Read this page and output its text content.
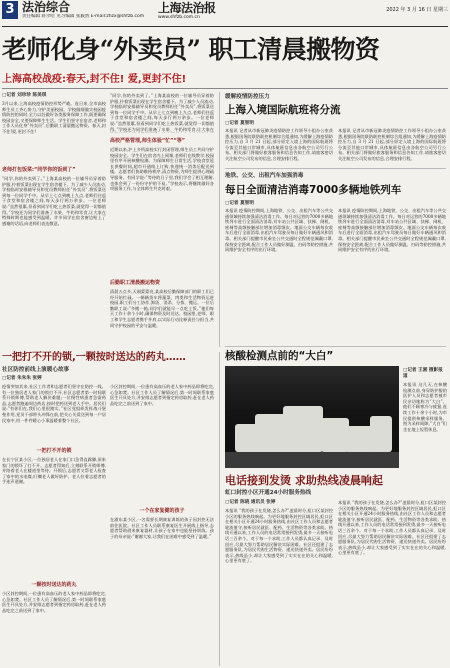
3 法治综合
责任编辑 蒋尔哈 见习编辑 张毅然 E-mail:zhzx@shfzb.com
上海法治报
www.shfzb.com.cn
2022 年 3 月 16 日 星期三
老师化身“外卖员” 职工清晨搬物资
上海高校战疫:春天,封不住! 爱,更封不住!
□记者 刘珍珍 陈美琪
3月以来,上海高校疫情防控形势严峻。连日来,全市高校师生员工齐心协力,守护美丽校园。学校做细做实校园疫情防控的同时,全力以赴做好各类服务保障工作,既要确保校园安全,又要保障师生生活。学生们坚守在宿舍,老师和工作人员化身“外卖员”,后勤职工清晨搬运物资。春天,封不住!爱,更封不住!
老师打包饭菜:“同学你的饭到了”
“同学,你的外卖到了。”上海某高校的一位辅导员穿着防护服,拎着饭菜出现在学生宿舍楼下。为了减少人员流动,学校临时安排辅导员和党员教师担任“外卖员”,将饭菜送到每一位同学手中。从早上七点到晚上九点,老师们往返于食堂和宿舍楼之间,每天步行两万余步。一位老师说:“虽然很累,但看到同学们吃上热饭菜,就觉得一切都值得。”学校还为同学们准备了水果、牛奶和零食,让大家在特殊时期也能感受到温暖。许多同学在宿舍窗边贴上了感谢的话语,向老师们表达敬意。
“同学,你的外卖到了。”上海某高校的一位辅导员穿着防护服,拎着饭菜出现在学生宿舍楼下。为了减少人员流动,学校临时安排辅导员和党员教师担任“外卖员”,将饭菜送到每一位同学手中。从早上七点到晚上九点,老师们往返于食堂和宿舍楼之间,每天步行两万余步。一位老师说:“虽然很累,但看到同学们吃上热饭菜,就觉得一切都值得。”学校还为同学们准备了水果、牛奶和零食,让大家在
高校严格管理,师生体验“忙”“等”
近期以来,沪上多所高校实行封闭管理,师生员工共同守护校园安全。学生们在宿舍内上网课,老师们在线教学,校园里有序开展核酸检测。为保障师生日常生活,学校食堂延长供餐时间,超市开通线上订购,快递统一消杀后配送到楼。志愿者们协助维持秩序,清点物资,为师生提供心理疏导服务。有同学说:“等待的日子里,我们学会了相互理解,也体会到了一份份守护的不易。”学校表示,将继续做好各项服务工作,与全体师生共克时艰。
后勤职工清晨搬运物资
清晨五点多,天刚蒙蒙亮,某高校后勤保障部门的职工们已经开始忙碌。一辆辆货车将蔬菜、肉类和生活物资运进校园,职工们分工协作,卸货、消杀、分拣、搬运。一位后勤职工说:“多搬一箱,同学们就能早一点吃上饭。”他们每天工作十余个小时,确保物资及时送达。校园里,老师、职工和学生志愿者携手并肩,以实际行动诠释责任与担当,共同守护校园的平安与温暖。
缓解疫情防控压力
上海入境国际航班将分流
□记者 夏智明
本报讯 记者从市新冠肺炎疫情防控工作领导小组办公室获悉,根据国务院联防联控机制综合组通知,为缓解上海疫情防控压力,自 3 月 21 日起,部分原定入境上海的国际航班将分流至其他口岸城市,具体航班信息由各航空公司另行公布。相关部门将做好旅客服务和信息告知工作,请旅客密切关注航空公司发布的信息,合理安排行程。
本报讯 记者从市新冠肺炎疫情防控工作领导小组办公室获悉,根据国务院联防联控机制综合组通知,为缓解上海疫情防控压力,自 3 月 21 日起,部分原定入境上海的国际航班将分流至其他口岸城市,具体航班信息由各航空公司另行公布。相关部门将做好旅客服务和信息告知工作,请旅客密切关注航空公司发布的信息,合理安排行程。
地铁、公交、出租汽车加强消毒
每日全面清洁消毒7000多辆地铁列车
□记者 夏智明
本报讯 疫情防控期间,上海地铁、公交、出租汽车等公共交通领域持续加强清洁消毒工作。每日对运营的7000多辆地铁列车进行全面清洁消毒,对车站公共区域、扶梯、闸机、座椅等高频接触部位增加消毒频次。地面公交车辆每次收车后进行全面消毒,出租汽车驾驶员每日做好车辆通风和消毒。相关部门提醒市民乘坐公共交通时全程规范佩戴口罩,保持安全距离,配合工作人员做好测温、扫码等防控措施,共同维护安全有序的出行环境。
本报讯 疫情防控期间,上海地铁、公交、出租汽车等公共交通领域持续加强清洁消毒工作。每日对运营的7000多辆地铁列车进行全面清洁消毒,对车站公共区域、扶梯、闸机、座椅等高频接触部位增加消毒频次。地面公交车辆每次收车后进行全面消毒,出租汽车驾驶员每日做好车辆通风和消毒。相关部门提醒市民乘坐公共交通时全程规范佩戴口罩,保持安全距离,配合工作人员做好测温、扫码等防控措施,共同维护安全有序的出行环境。
核酸检测点前的“大白”
□记者 王湘 摄影报道
本报讯 这几天,在核酸检测点前,身穿防护服的医护人员和志愿者被市民亲切地称为“大白”。他们不顾寒冷与疲惫,连续工作十余个小时,为市民提供核酸采样服务。图为采样间隙,“大白”们坐在地上短暂休息。
一把打不开的锁,一颗按时送达的药丸……
社区防控前线上演暖心故事
□记者 朱朱朱 张婷
疫情突如其来,社区工作者和志愿者们坚守在防控一线。有一位独居老人家门的锁打不开,社区志愿者第一时间联系开锁师傅,帮助老人解决难题;一位慢性病患者急需药品,志愿者跑遍周边药店,按时把药送到老人手中。居民们说:“有你们在,我们心里很踏实。”社区党组织发挥战斗堡垒作用,党员干部带头冲锋在前,把关心关爱送到每一户居民家中,用一件件暖心小事温暖着整个社区。
一把打不开的锁
在长宁区某小区,一位独居老人在家门口急得直跺脚,原来家门的锁坏了打不开。志愿者得知后,立刻联系开锁师傅,并陪着老人在楼道里等待。开锁后,志愿者又帮老人检查了家中的水电煤,叮嘱老人做好防护。老人拉着志愿者的手连声道谢。
一颗按时送达的药丸
小区封控期间,一位患有高血压的老人家中药品即将吃完,心急如焚。社区工作人员了解情况后,第一时间联系家庭医生开具处方,并安排志愿者到指定药房取药,赶在老人药品吃完之前送到了家中。
小区封控期间,一位患有高血压的老人家中药品即将吃完,心急如焚。社区工作人员了解情况后,第一时间联系家庭医生开具处方,并安排志愿者到指定药房取药,赶在老人药品吃完之前送到了家中。
一个在家复健的孩子
在浦东某小区,一名需要长期康复训练的孩子因封控无法前往医院。社区工作人员联系康复医生开展线上指导,志愿者帮助借来康复器材,让孩子在家中也能坚持训练。孩子的母亲说:“谢谢大家,让我们在困难中感受到了温暖。”
电话接到发烫 求助热线凌晨响起
虹口封控小区开通24小时服务热线
□记者 陈晓 通讯员 张婷
本报讯 “我的孩子在发烧,怎么办?”凌晨时分,虹口区某封控小区的服务热线响起。为更好地服务封控区域居民,虹口区在相关小区开通24小时服务热线,由社区工作人员和志愿者轮流值守,接听居民就医、配药、生活物资等各类求助。热线开通以来,工作人员的电话常常接到发烫,最多一天接听电话三百余个。对于每一个求助,工作人员都认真记录、及时回应,尽最大努力帮助居民解决实际困难。社区还组建了志愿服务队,为居民代购生活物资、递送快递外卖。居民纷纷表示,热线虽小,却让大家感受到了实实在在的关心和温暖,心里更有底了。
本报讯 “我的孩子在发烧,怎么办?”凌晨时分,虹口区某封控小区的服务热线响起。为更好地服务封控区域居民,虹口区在相关小区开通24小时服务热线,由社区工作人员和志愿者轮流值守,接听居民就医、配药、生活物资等各类求助。热线开通以来,工作人员的电话常常接到发烫,最多一天接听电话三百余个。对于每一个求助,工作人员都认真记录、及时回应,尽最大努力帮助居民解决实际困难。社区还组建了志愿服务队,为居民代购生活物资、递送快递外卖。居民纷纷表示,热线虽小,却让大家感受到了实实在在的关心和温暖,心里更有底了。
